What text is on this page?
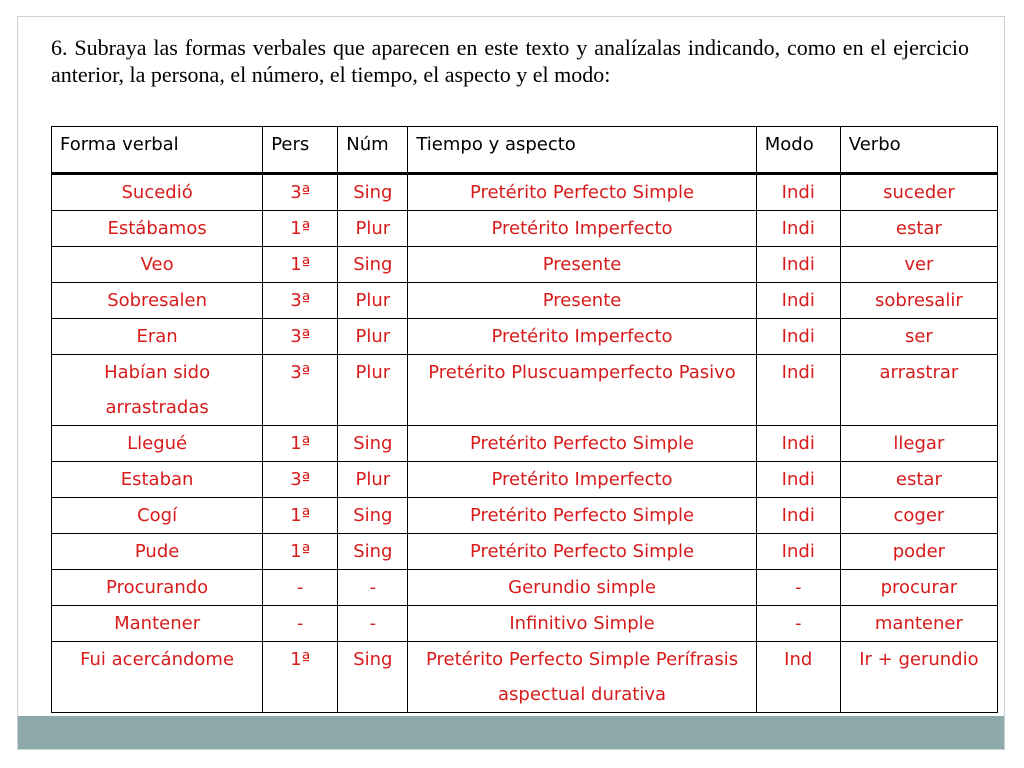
6. Subraya las formas verbales que aparecen en este texto y analízalas indicando, como en el ejercicio anterior, la persona, el número, el tiempo, el aspecto y el modo:

Forma verbal	Pers	Núm	Tiempo y aspecto	Modo	Verbo
Sucedió	3ª	Sing	Pretérito Perfecto Simple	Indi	suceder
Estábamos	1ª	Plur	Pretérito Imperfecto	Indi	estar
Veo	1ª	Sing	Presente	Indi	ver
Sobresalen	3ª	Plur	Presente	Indi	sobresalir
Eran	3ª	Plur	Pretérito Imperfecto	Indi	ser
Habían sido arrastradas	3ª	Plur	Pretérito Pluscuamperfecto Pasivo	Indi	arrastrar
Llegué	1ª	Sing	Pretérito Perfecto Simple	Indi	llegar
Estaban	3ª	Plur	Pretérito Imperfecto	Indi	estar
Cogí	1ª	Sing	Pretérito Perfecto Simple	Indi	coger
Pude	1ª	Sing	Pretérito Perfecto Simple	Indi	poder
Procurando	-	-	Gerundio simple	-	procurar
Mantener	-	-	Infinitivo Simple	-	mantener
Fui acercándome	1ª	Sing	Pretérito Perfecto Simple Perífrasis aspectual durativa	Ind	Ir + gerundio
